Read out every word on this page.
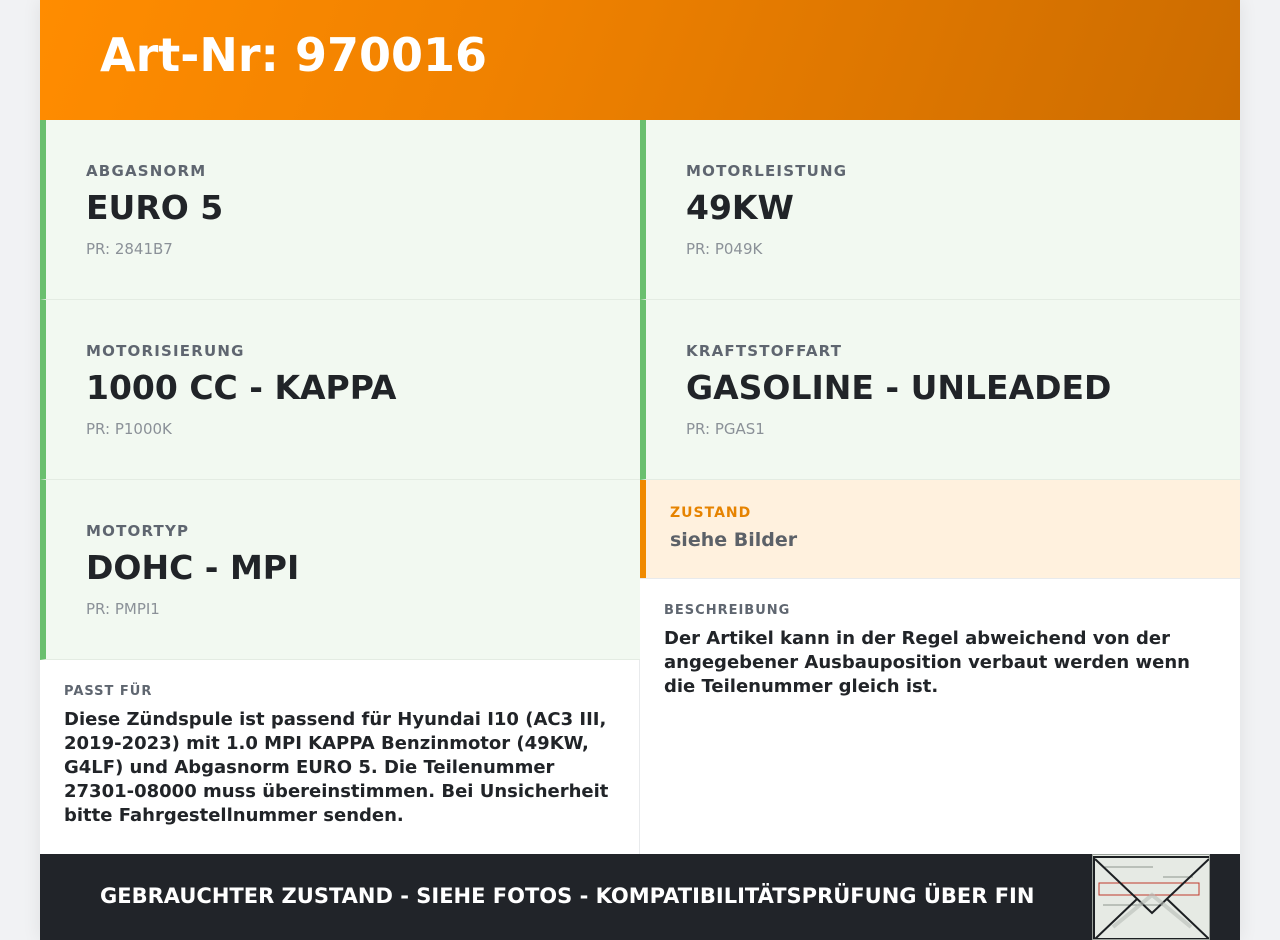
Art-Nr: 970016
ABGASNORM
EURO 5
PR: 2841B7
MOTORLEISTUNG
49KW
PR: P049K
MOTORISIERUNG
1000 CC - KAPPA
PR: P1000K
KRAFTSTOFFART
GASOLINE - UNLEADED
PR: PGAS1
MOTORTYP
DOHC - MPI
PR: PMPI1
ZUSTAND
siehe Bilder
BESCHREIBUNG
Der Artikel kann in der Regel abweichend von der angegebener Ausbauposition verbaut werden wenn die Teilenummer gleich ist.
PASST FÜR
Diese Zündspule ist passend für Hyundai I10 (AC3 III, 2019-2023) mit 1.0 MPI KAPPA Benzinmotor (49KW, G4LF) und Abgasnorm EURO 5. Die Teilenummer 27301-08000 muss übereinstimmen. Bei Unsicherheit bitte Fahrgestellnummer senden.
GEBRAUCHTER ZUSTAND - SIEHE FOTOS - KOMPATIBILITÄTSPRÜFUNG ÜBER FIN
